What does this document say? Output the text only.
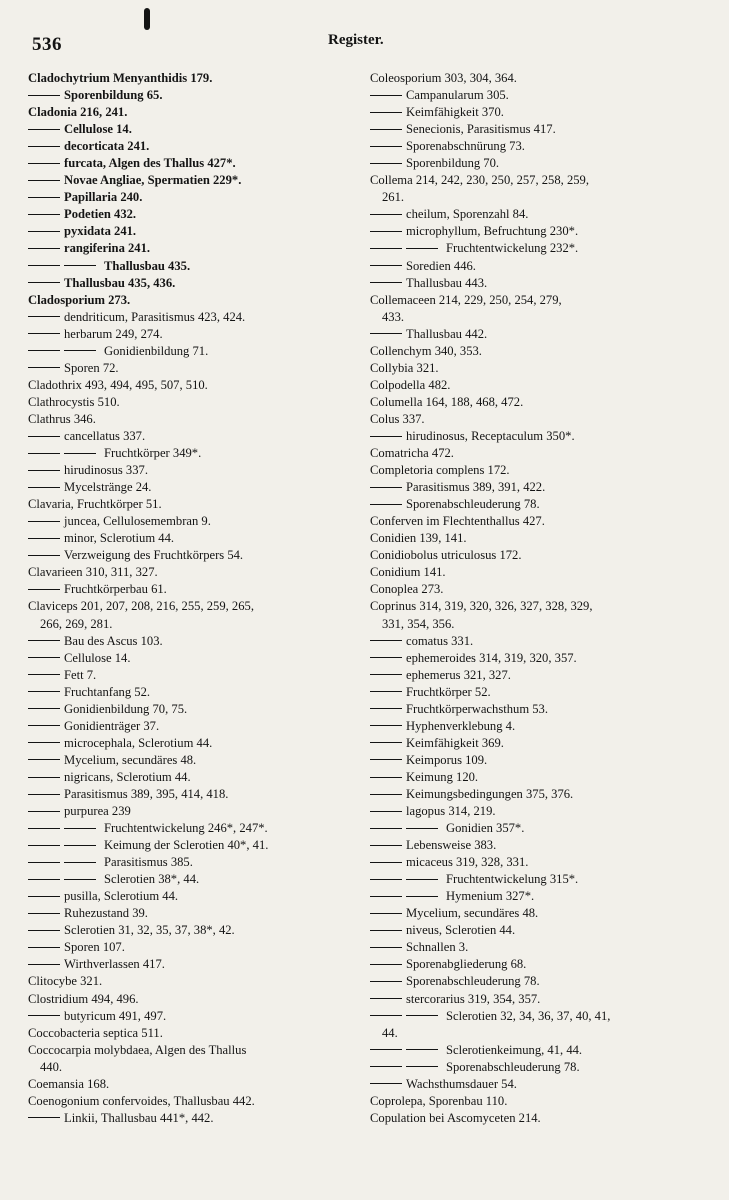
536	Register.
Cladochytrium Menyanthidis 179.
Sporenbildung 65.
Cladonia 216, 241.
Cellulose 14.
decorticata 241.
furcata, Algen des Thallus 427*.
Novae Angliae, Spermatien 229*.
Papillaria 240.
Podetien 432.
pyxidata 241.
rangiferina 241.
Thallusbau 435.
Thallusbau 435, 436.
Cladosporium 273.
dendriticum, Parasitismus 423, 424.
herbarum 249, 274.
Gonidienbildung 71.
Sporen 72.
Cladothrix 493, 494, 495, 507, 510.
Clathrocystis 510.
Clathrus 346.
cancellatus 337.
Fruchtkörper 349*.
hirudinosus 337.
Mycelstränge 24.
Clavaria, Fruchtkörper 51.
juncea, Cellulosemembran 9.
minor, Sclerotium 44.
Verzweigung des Fruchtkörpers 54.
Clavarieen 310, 311, 327.
Fruchtkörperbau 61.
Claviceps 201, 207, 208, 216, 255, 259, 265,
266, 269, 281.
Bau des Ascus 103.
Cellulose 14.
Fett 7.
Fruchtanfang 52.
Gonidienbildung 70, 75.
Gonidienträger 37.
microcephala, Sclerotium 44.
Mycelium, secundäres 48.
nigricans, Sclerotium 44.
Parasitismus 389, 395, 414, 418.
purpurea 239
Fruchtentwickelung 246*, 247*.
Keimung der Sclerotien 40*, 41.
Parasitismus 385.
Sclerotien 38*, 44.
pusilla, Sclerotium 44.
Ruhezustand 39.
Sclerotien 31, 32, 35, 37, 38*, 42.
Sporen 107.
Wirthverlassen 417.
Clitocybe 321.
Clostridium 494, 496.
butyricum 491, 497.
Coccobacteria septica 511.
Coccocarpia molybdaea, Algen des Thallus
440.
Coemansia 168.
Coenogonium confervoides, Thallusbau 442.
Linkii, Thallusbau 441*, 442.
Coleosporium 303, 304, 364.
Campanularum 305.
Keimfähigkeit 370.
Senecionis, Parasitismus 417.
Sporenabschnürung 73.
Sporenbildung 70.
Collema 214, 242, 230, 250, 257, 258, 259,
261.
cheilum, Sporenzahl 84.
microphyllum, Befruchtung 230*.
Fruchtentwickelung 232*.
Soredien 446.
Thallusbau 443.
Collemaceen 214, 229, 250, 254, 279,
433.
Thallusbau 442.
Collenchym 340, 353.
Collybia 321.
Colpodella 482.
Columella 164, 188, 468, 472.
Colus 337.
hirudinosus, Receptaculum 350*.
Comatricha 472.
Completoria complens 172.
Parasitismus 389, 391, 422.
Sporenabschleuderung 78.
Conferven im Flechtenthallus 427.
Conidien 139, 141.
Conidiobolus utriculosus 172.
Conidium 141.
Conoplea 273.
Coprinus 314, 319, 320, 326, 327, 328, 329,
331, 354, 356.
comatus 331.
ephemeroides 314, 319, 320, 357.
ephemerus 321, 327.
Fruchtkörper 52.
Fruchtkörperwachsthum 53.
Hyphenverklebung 4.
Keimfähigkeit 369.
Keimporus 109.
Keimung 120.
Keimungsbedingungen 375, 376.
lagopus 314, 219.
Gonidien 357*.
Lebensweise 383.
micaceus 319, 328, 331.
Fruchtentwickelung 315*.
Hymenium 327*.
Mycelium, secundäres 48.
niveus, Sclerotien 44.
Schnallen 3.
Sporenabgliederung 68.
Sporenabschleuderung 78.
stercorarius 319, 354, 357.
Sclerotien 32, 34, 36, 37, 40, 41,
44.
Sclerotienkeimung, 41, 44.
Sporenabschleuderung 78.
Wachsthumsdauer 54.
Coprolepa, Sporenbau 110.
Copulation bei Ascomyceten 214.
